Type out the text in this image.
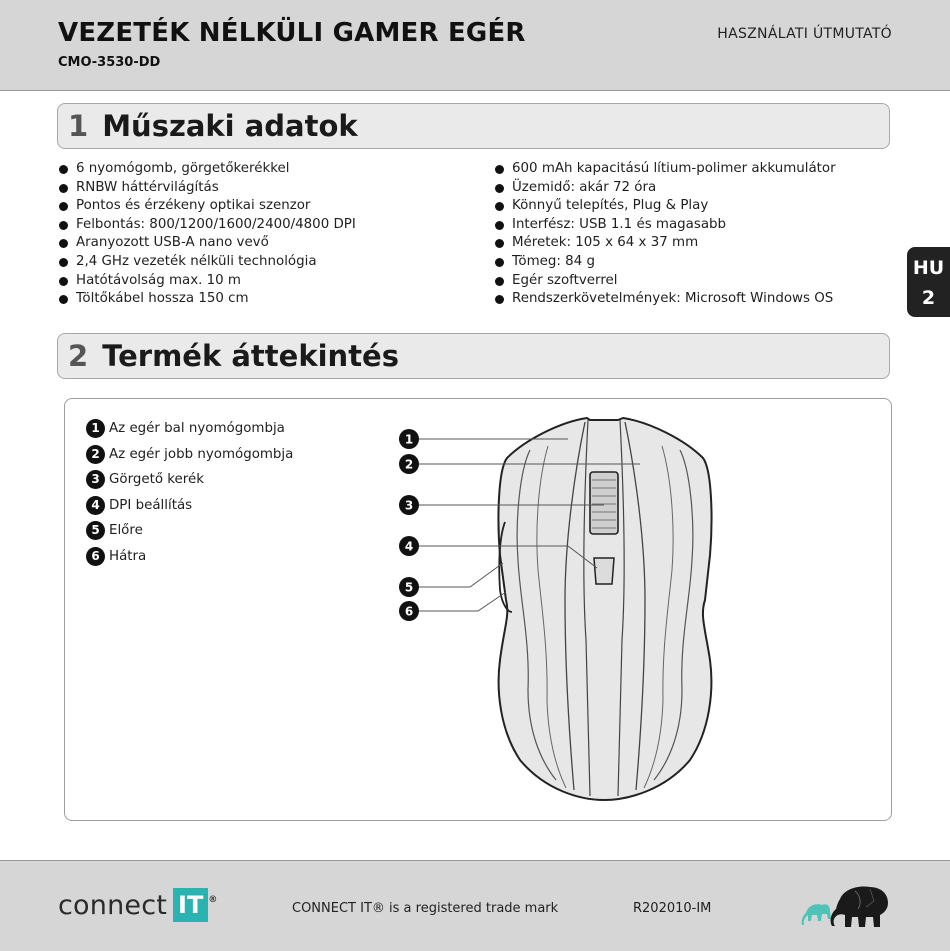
VEZETÉK NÉLKÜLI GAMER EGÉR
CMO-3530-DD
HASZNÁLATI ÚTMUTATÓ
1 Műszaki adatok
6 nyomógomb, görgetőkerékkel
RNBW háttérvilágítás
Pontos és érzékeny optikai szenzor
Felbontás: 800/1200/1600/2400/4800 DPI
Aranyozott USB-A nano vevő
2,4 GHz vezeték nélküli technológia
Hatótávolság max. 10 m
Töltőkábel hossza 150 cm
600 mAh kapacitású lítium-polimer akkumulátor
Üzemidő: akár 72 óra
Könnyű telepítés, Plug & Play
Interfész: USB 1.1 és magasabb
Méretek: 105 x 64 x 37 mm
Tömeg: 84 g
Egér szoftverrel
Rendszerkövetelmények: Microsoft Windows OS
HU
2
2 Termék áttekintés
1 Az egér bal nyomógombja
2 Az egér jobb nyomógombja
3 Görgető kerék
4 DPI beállítás
5 Előre
6 Hátra
1
2
3
4
5
6
connect IT ®
CONNECT IT® is a registered trade mark	R202010-IM
